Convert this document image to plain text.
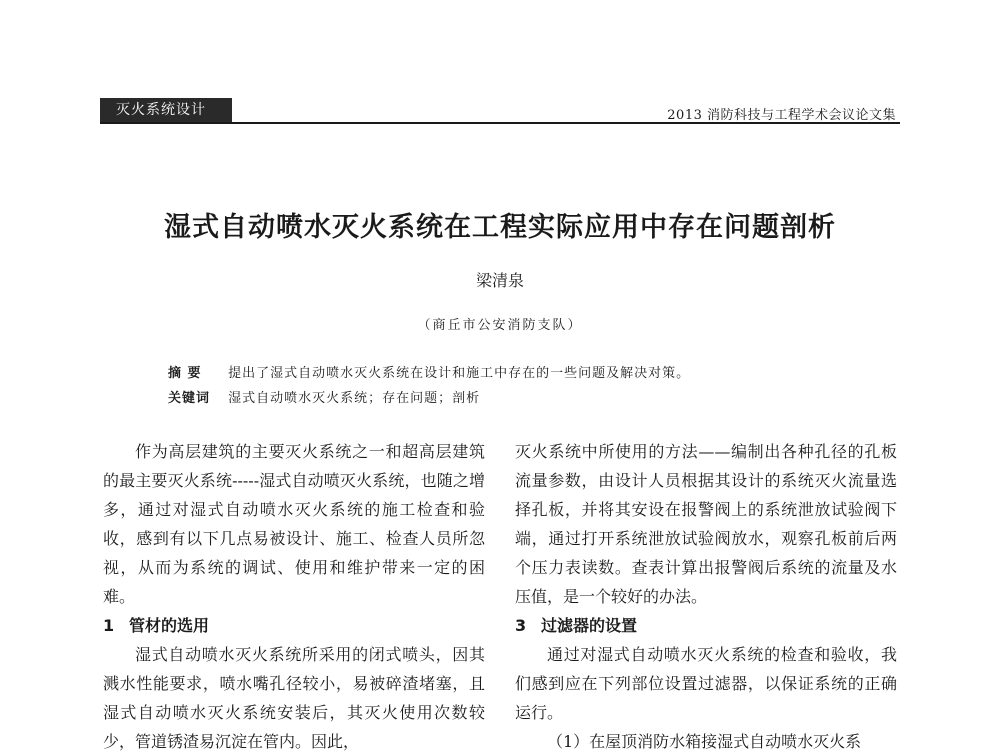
灭火系统设计	2013 消防科技与工程学术会议论文集
湿式自动喷水灭火系统在工程实际应用中存在问题剖析
梁清泉
（商丘市公安消防支队）
摘 要 提出了湿式自动喷水灭火系统在设计和施工中存在的一些问题及解决对策。
关键词 湿式自动喷水灭火系统；存在问题；剖析

作为高层建筑的主要灭火系统之一和超高层建筑的最主要灭火系统-----湿式自动喷灭火系统，也随之增多，通过对湿式自动喷水灭火系统的施工检查和验收，感到有以下几点易被设计、施工、检查人员所忽视，从而为系统的调试、使用和维护带来一定的困难。

1 管材的选用

湿式自动喷水灭火系统所采用的闭式喷头，因其溅水性能要求，喷水嘴孔径较小，易被碎渣堵塞，且湿式自动喷水灭火系统安装后，其灭火使用次数较少，管道锈渣易沉淀在管内。因此，

灭火系统中所使用的方法——编制出各种孔径的孔板流量参数，由设计人员根据其设计的系统灭火流量选择孔板，并将其安设在报警阀上的系统泄放试验阀下端，通过打开系统泄放试验阀放水，观察孔板前后两个压力表读数。查表计算出报警阀后系统的流量及水压值，是一个较好的办法。

3 过滤器的设置

通过对湿式自动喷水灭火系统的检查和验收，我们感到应在下列部位设置过滤器，以保证系统的正确运行。

（1）在屋顶消防水箱接湿式自动喷水灭火系
